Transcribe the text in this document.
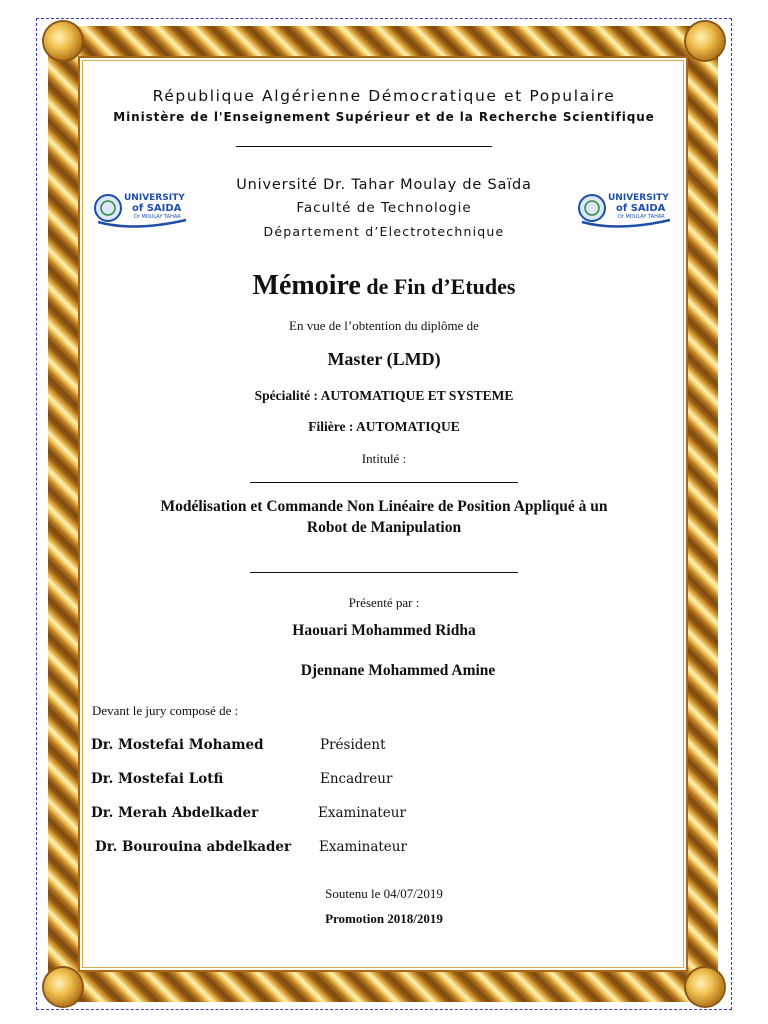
République Algérienne Démocratique et Populaire
Ministère de l'Enseignement Supérieur et de la Recherche Scientifique
Université Dr. Tahar Moulay de Saïda
Faculté de Technologie
Département d’Electrotechnique
UNIVERSITY
of SAIDA
Dr MOULAY TAHAR
UNIVERSITY
of SAIDA
Dr MOULAY TAHAR
Mémoire de Fin d’Etudes
En vue de l’obtention du diplôme de
Master (LMD)
Spécialité : AUTOMATIQUE ET SYSTEME
Filière : AUTOMATIQUE
Intitulé :
Modélisation et Commande Non Linéaire de Position Appliqué à un
Robot de Manipulation
Présenté par :
Haouari Mohammed Ridha
Djennane Mohammed Amine
Devant le jury composé de :
Dr. Mostefai Mohamed	Président
Dr. Mostefai Lotfi	Encadreur
Dr. Merah Abdelkader	Examinateur
Dr. Bourouina abdelkader Examinateur
Soutenu le 04/07/2019
Promotion 2018/2019
